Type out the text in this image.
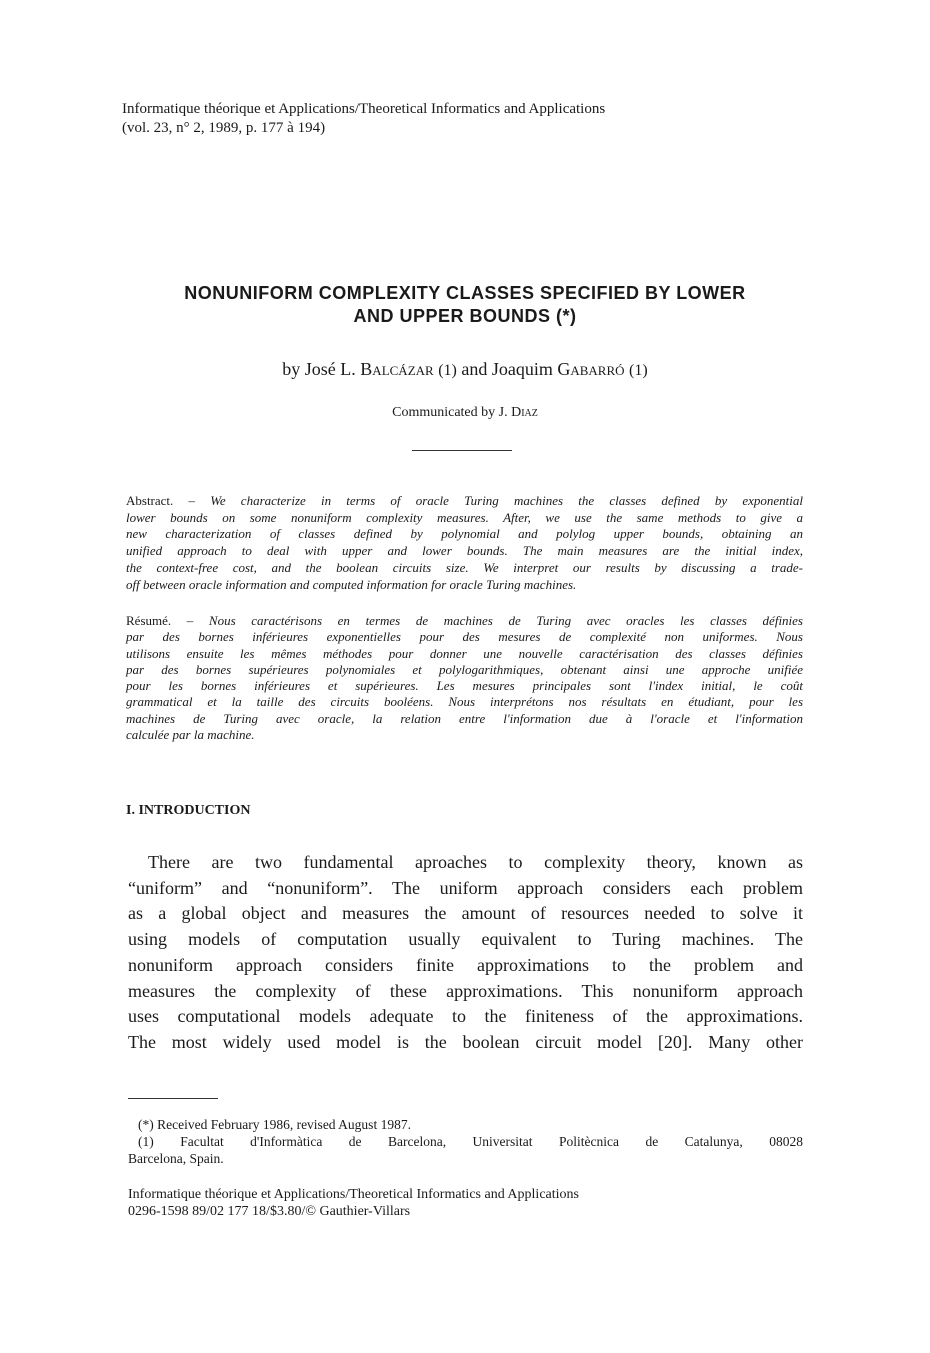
Informatique théorique et Applications/Theoretical Informatics and Applications
(vol. 23, n° 2, 1989, p. 177 à 194)
NONUNIFORM COMPLEXITY CLASSES SPECIFIED BY LOWER
AND UPPER BOUNDS (*)
by José L. Balcázar (1) and Joaquim Gabarró (1)
Communicated by J. Diaz
Abstract. – We characterize in terms of oracle Turing machines the classes defined by exponential
lower bounds on some nonuniform complexity measures. After, we use the same methods to give a
new characterization of classes defined by polynomial and polylog upper bounds, obtaining an
unified approach to deal with upper and lower bounds. The main measures are the initial index,
the context-free cost, and the boolean circuits size. We interpret our results by discussing a trade-
off between oracle information and computed information for oracle Turing machines.
Résumé. – Nous caractérisons en termes de machines de Turing avec oracles les classes définies
par des bornes inférieures exponentielles pour des mesures de complexité non uniformes. Nous
utilisons ensuite les mêmes méthodes pour donner une nouvelle caractérisation des classes définies
par des bornes supérieures polynomiales et polylogarithmiques, obtenant ainsi une approche unifiée
pour les bornes inférieures et supérieures. Les mesures principales sont l'index initial, le coût
grammatical et la taille des circuits booléens. Nous interprétons nos résultats en étudiant, pour les
machines de Turing avec oracle, la relation entre l'information due à l'oracle et l'information
calculée par la machine.
I. INTRODUCTION
There are two fundamental aproaches to complexity theory, known as
“uniform” and “nonuniform”. The uniform approach considers each problem
as a global object and measures the amount of resources needed to solve it
using models of computation usually equivalent to Turing machines. The
nonuniform approach considers finite approximations to the problem and
measures the complexity of these approximations. This nonuniform approach
uses computational models adequate to the finiteness of the approximations.
The most widely used model is the boolean circuit model [20]. Many other
(*) Received February 1986, revised August 1987.
(1) Facultat d'Informàtica de Barcelona, Universitat Politècnica de Catalunya, 08028
Barcelona, Spain.
Informatique théorique et Applications/Theoretical Informatics and Applications
0296-1598 89/02 177 18/$3.80/© Gauthier-Villars
